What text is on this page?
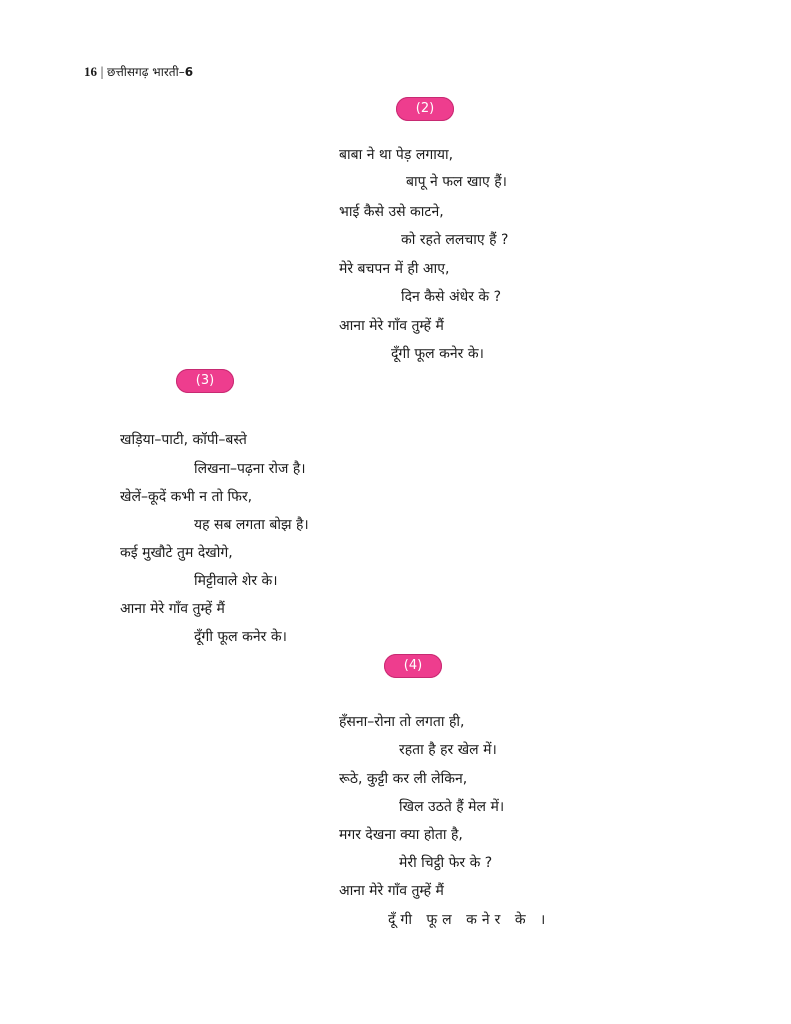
16 | छत्तीसगढ़ भारती–6
(2)
बाबा ने था पेड़ लगाया,
बापू ने फल खाए हैं।
भाई कैसे उसे काटने,
को रहते ललचाए हैं ?
मेरे बचपन में ही आए,
दिन कैसे अंधेर के ?
आना मेरे गाँव तुम्हें मैं
दूँगी फूल कनेर के।
(3)
खड़िया–पाटी, कॉपी–बस्ते
लिखना–पढ़ना रोज है।
खेलें–कूदें कभी न तो फिर,
यह सब लगता बोझ है।
कई मुखौटे तुम देखोगे,
मिट्टीवाले शेर के।
आना मेरे गाँव तुम्हें मैं
दूँगी फूल कनेर के।
(4)
हँसना–रोना तो लगता ही,
रहता है हर खेल में।
रूठे, कुट्टी कर ली लेकिन,
खिल उठते हैं मेल में।
मगर देखना क्या होता है,
मेरी चिट्ठी फेर के ?
आना मेरे गाँव तुम्हें मैं
दूँगी फूल कनेर के ।
